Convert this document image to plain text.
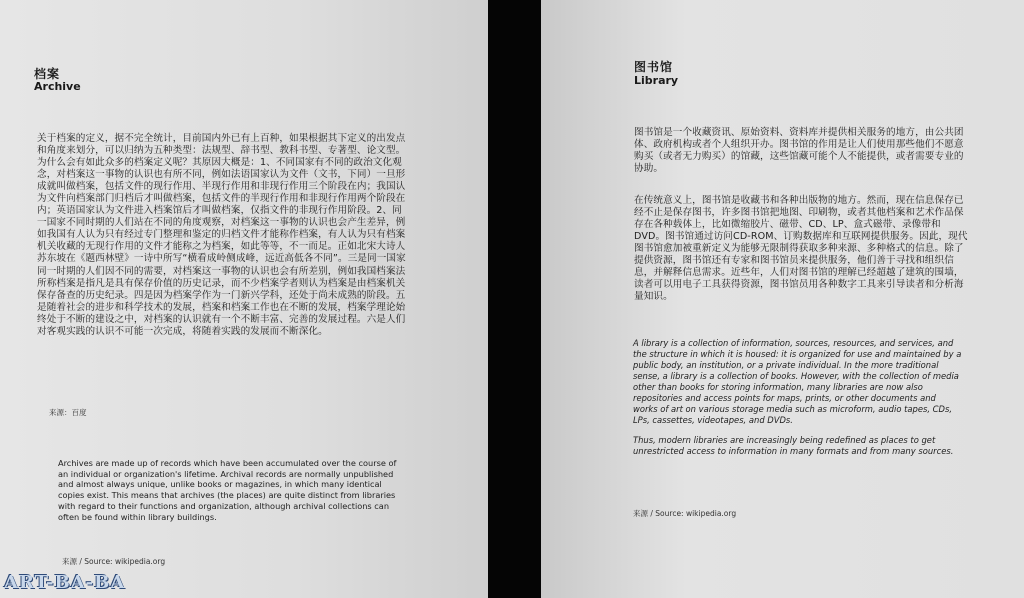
档案
Archive
关于档案的定义，据不完全统计，目前国内外已有上百种，如果根据其下定义的出发点和角度来划分，可以归纳为五种类型：法规型、辞书型、教科书型、专著型、论文型。为什么会有如此众多的档案定义呢？其原因大概是：1、不同国家有不同的政治文化观念，对档案这一事物的认识也有所不同，例如法语国家认为文件（文书，下同）一旦形成就叫做档案，包括文件的现行作用、半现行作用和非现行作用三个阶段在内；我国认为文件向档案部门归档后才叫做档案，包括文件的半现行作用和非现行作用两个阶段在内；英语国家认为文件进入档案馆后才叫做档案，仅指文件的非现行作用阶段。2、同一国家不同时期的人们站在不同的角度观察，对档案这一事物的认识也会产生差异，例如我国有人认为只有经过专门整理和鉴定的归档文件才能称作档案，有人认为只有档案机关收藏的无现行作用的文件才能称之为档案，如此等等，不一而足。正如北宋大诗人苏东坡在《题西林壁》一诗中所写“横看成岭侧成峰，远近高低各不同”。三是同一国家同一时期的人们因不同的需要，对档案这一事物的认识也会有所差别，例如我国档案法所称档案是指凡是具有保存价值的历史记录，而不少档案学者则认为档案是由档案机关保存备查的历史纪录。四是因为档案学作为一门新兴学科，还处于尚未成熟的阶段。五是随着社会的进步和科学技术的发展，档案和档案工作也在不断的发展，档案学理论始终处于不断的建设之中，对档案的认识就有一个不断丰富、完善的发展过程。六是人们对客观实践的认识不可能一次完成，将随着实践的发展而不断深化。
来源：百度
Archives are made up of records which have been accumulated over the course of an individual or organization's lifetime. Archival records are normally unpublished and almost always unique, unlike books or magazines, in which many identical copies exist. This means that archives (the places) are quite distinct from libraries with regard to their functions and organization, although archival collections can often be found within library buildings.
来源 / Source: wikipedia.org
图书馆
Library
图书馆是一个收藏资讯、原始资料、资料库并提供相关服务的地方，由公共团体、政府机构或者个人组织开办。图书馆的作用是让人们使用那些他们不愿意购买（或者无力购买）的馆藏，这些馆藏可能个人不能提供，或者需要专业的协助。
在传统意义上，图书馆是收藏书和各种出版物的地方。然而，现在信息保存已经不止是保存图书，许多图书馆把地图、印刷物，或者其他档案和艺术作品保存在各种载体上，比如微缩胶片、磁带、CD、LP、盒式磁带、录像带和DVD。图书馆通过访问CD-ROM、订购数据库和互联网提供服务。因此，现代图书馆愈加被重新定义为能够无限制得获取多种来源、多种格式的信息。除了提供资源，图书馆还有专家和图书馆员来提供服务，他们善于寻找和组织信息，并解释信息需求。近些年，人们对图书馆的理解已经超越了建筑的围墙，读者可以用电子工具获得资源，图书馆员用各种数字工具来引导读者和分析海量知识。
A library is a collection of information, sources, resources, and services, and the structure in which it is housed: it is organized for use and maintained by a public body, an institution, or a private individual. In the more traditional sense, a library is a collection of books. However, with the collection of media other than books for storing information, many libraries are now also repositories and access points for maps, prints, or other documents and works of art on various storage media such as microform, audio tapes, CDs, LPs, cassettes, videotapes, and DVDs.
Thus, modern libraries are increasingly being redefined as places to get unrestricted access to information in many formats and from many sources.
来源 / Source: wikipedia.org
ART-BA-BA
